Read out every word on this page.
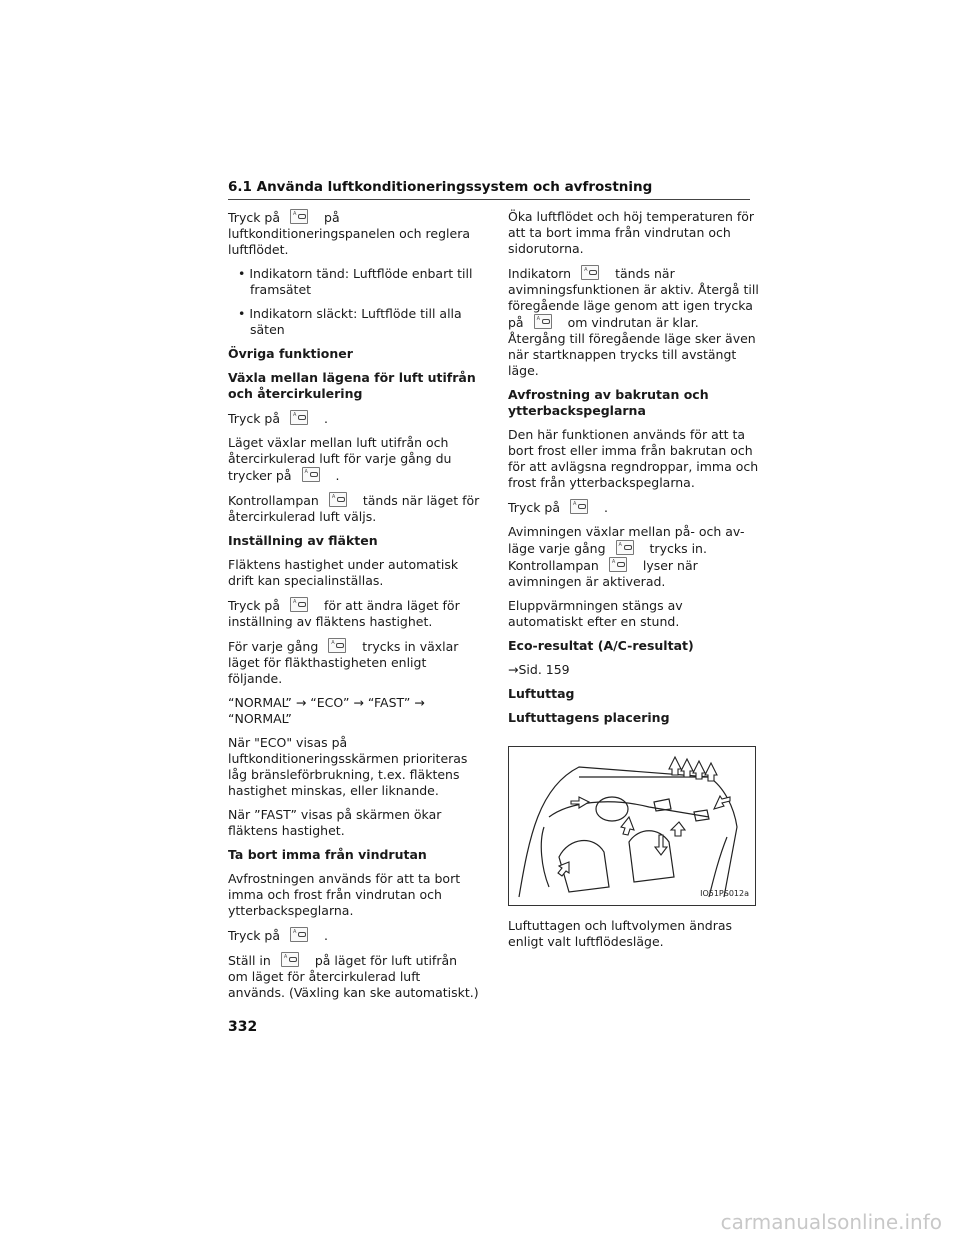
6.1 Använda luftkonditioneringssystem och avfrostning

Tryck på A	på luftkonditioneringspanelen och reglera luftflödet.

• Indikatorn tänd: Luftflöde enbart till framsätet

• Indikatorn släckt: Luftflöde till alla säten

Övriga funktioner
Växla mellan lägena för luft utifrån och återcirkulering

Tryck på A	.

Läget växlar mellan luft utifrån och återcirkulerad luft för varje gång du trycker på A	.

Kontrollampan A	tänds när läget för återcirkulerad luft väljs.

Inställning av fläkten

Fläktens hastighet under automatisk drift kan specialinställas.

Tryck på A	för att ändra läget för inställning av fläktens hastighet.

För varje gång A	trycks in växlar läget för fläkthastigheten enligt följande.

“NORMAL” → “ECO” → “FAST” → “NORMAL”

När "ECO" visas på luftkonditioneringsskärmen prioriteras låg bränsleförbrukning, t.ex. fläktens hastighet minskas, eller liknande.

När ”FAST” visas på skärmen ökar fläktens hastighet.

Ta bort imma från vindrutan

Avfrostningen används för att ta bort imma och frost från vindrutan och ytterbackspeglarna.

Tryck på A	.

Ställ in A	på läget för luft utifrån om läget för återcirkulerad luft används. (Växling kan ske automatiskt.)

Öka luftflödet och höj temperaturen för att ta bort imma från vindrutan och sidorutorna.

Indikatorn A	tänds när avimningsfunktionen är aktiv. Återgå till föregående läge genom att igen trycka på A	om vindrutan är klar. Återgång till föregående läge sker även när startknappen trycks till avstängt läge.

Avfrostning av bakrutan och ytterbackspeglarna

Den här funktionen används för att ta bort frost eller imma från bakrutan och för att avlägsna regndroppar, imma och frost från ytterbackspeglarna.

Tryck på A	.

Avimningen växlar mellan på- och av-läge varje gång A	trycks in. Kontrollampan A	lyser när avimningen är aktiverad.

Eluppvärmningen stängs av automatiskt efter en stund.

Eco-resultat (A/C-resultat)

→Sid. 159

Luftuttag
Luftuttagens placering
IO51PS012a

Luftuttagen och luftvolymen ändras enligt valt luftflödesläge.

332
carmanualsonline.info
